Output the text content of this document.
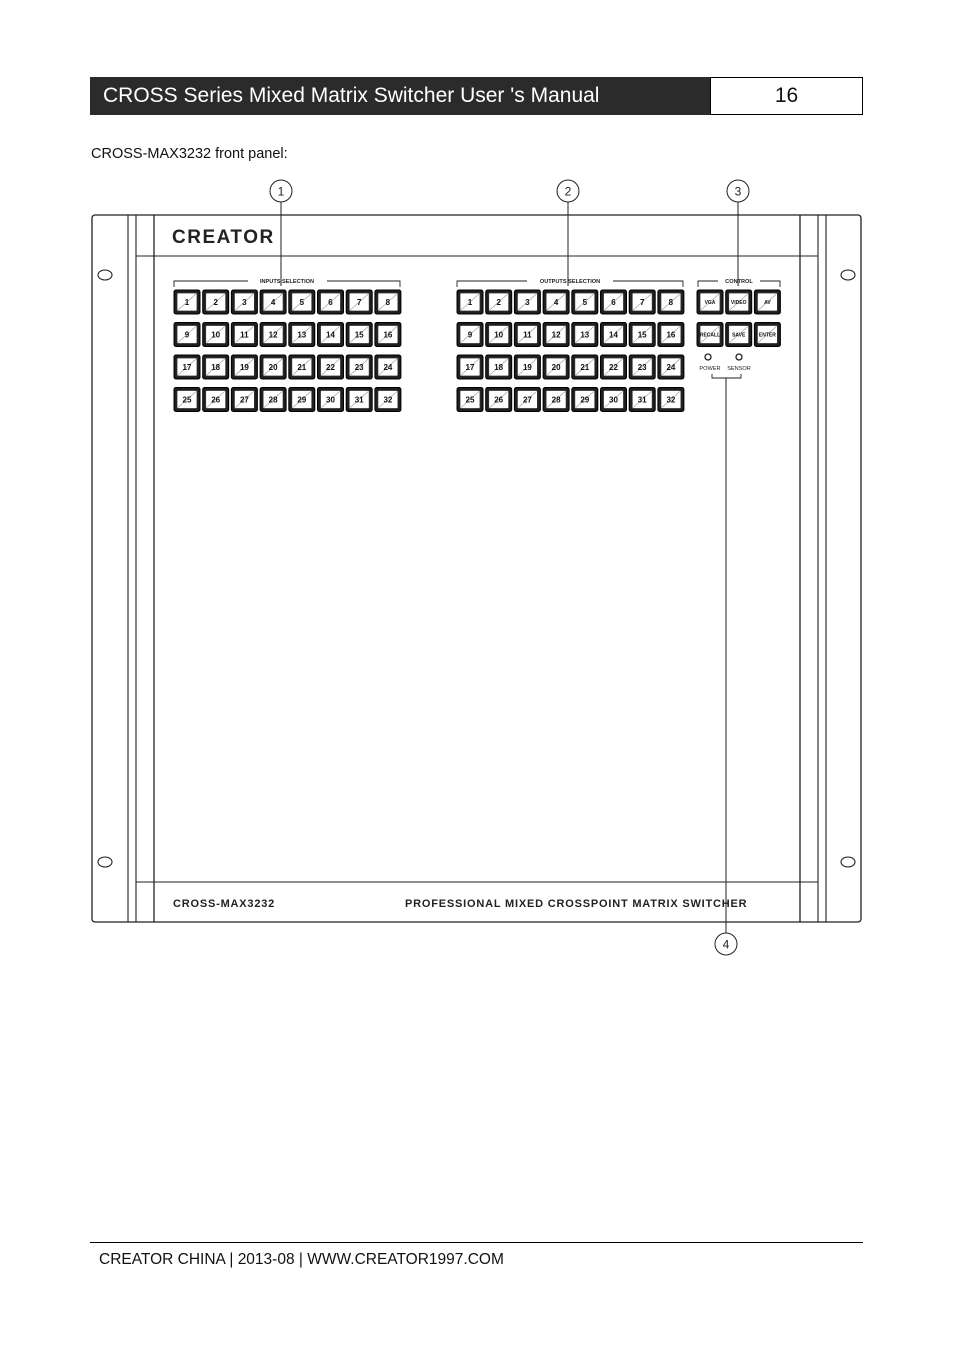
CROSS Series Mixed Matrix Switcher User 's Manual	16
CROSS-MAX3232 front panel:
CREATOR
CROSS-MAX3232	PROFESSIONAL MIXED CROSSPOINT MATRIX SWITCHER
INPUTS SELECTION	OUTPUTS SELECTION	CONTROL
1	2	3	4	5	6	7	8
9	10	11	12 13 14 15 16
17 18 19 20 21 22 23 24
25 26 27 28 29 30 31 32
1	2	3	4	5	6	7	8
9	10	11	12 13 14 15 16
17 18 19 20 21 22 23 24
25 26 27 28 29 30 31 32
VGA	VIDEO	AV
RECALL SAVE	ENTER
POWER SENSOR
1	2	3
4
CREATOR CHINA | 2013-08 | WWW.CREATOR1997.COM
